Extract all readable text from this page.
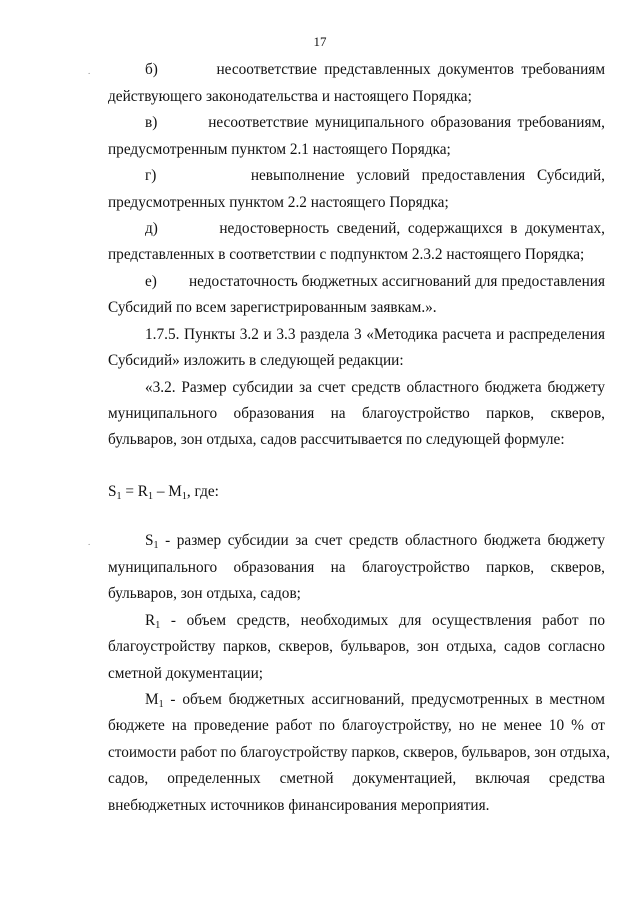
17
.
.
б)        несоответствие представленных документов требованиям
действующего законодательства и настоящего Порядка;
в)        несоответствие муниципального образования требованиям,
предусмотренным пунктом 2.1 настоящего Порядка;
г)        невыполнение условий предоставления Субсидий,
предусмотренных пунктом 2.2 настоящего Порядка;
д)        недостоверность сведений, содержащихся в документах,
представленных в соответствии с подпунктом 2.3.2 настоящего Порядка;
е)        недостаточность бюджетных ассигнований для предоставления
Субсидий по всем зарегистрированным заявкам.».
1.7.5. Пункты 3.2 и 3.3 раздела 3 «Методика расчета и распределения
Субсидий» изложить в следующей редакции:
«3.2. Размер субсидии за счет средств областного бюджета бюджету
муниципального образования на благоустройство парков, скверов,
бульваров, зон отдыха, садов рассчитывается по следующей формуле:
$S_1 = R_1 - M_1$, где:
$S_1$ - размер субсидии за счет средств областного бюджета бюджету
муниципального образования на благоустройство парков, скверов,
бульваров, зон отдыха, садов;
$R_1$ - объем средств, необходимых для осуществления работ по
благоустройству парков, скверов, бульваров, зон отдыха, садов согласно
сметной документации;
$M_1$ - объем бюджетных ассигнований, предусмотренных в местном
бюджете на проведение работ по благоустройству, но не менее 10 % от
стоимости работ по благоустройству парков, скверов, бульваров, зон отдыха,
садов, определенных сметной документацией, включая средства
внебюджетных источников финансирования мероприятия.
